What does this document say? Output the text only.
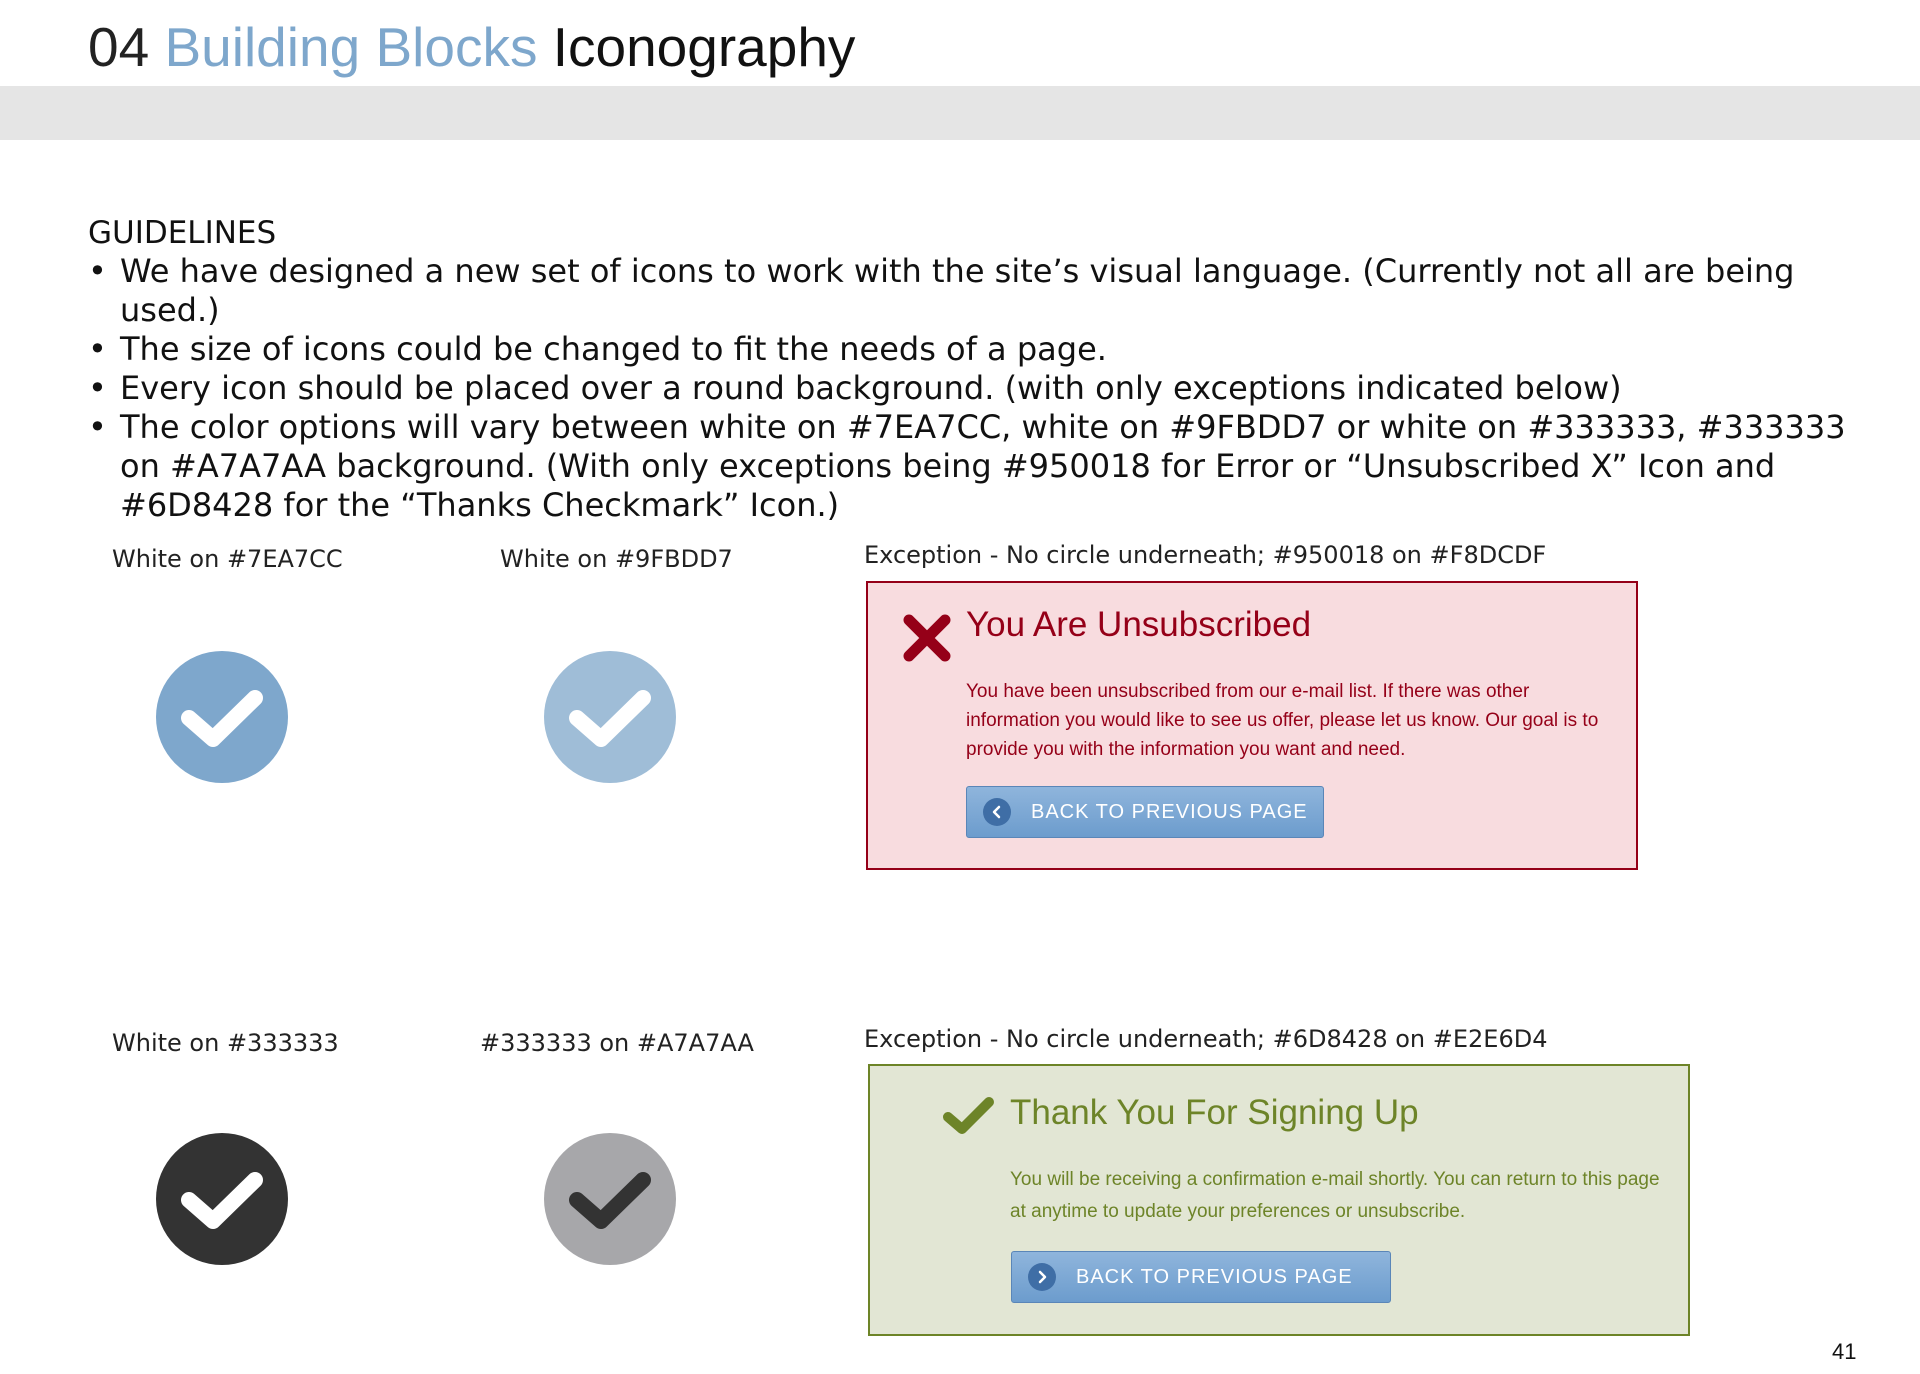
04 Building Blocks Iconography
GUIDELINES
• We have designed a new set of icons to work with the site’s visual language. (Currently not all are being used.)
• The size of icons could be changed to fit the needs of a page.
• Every icon should be placed over a round background. (with only exceptions indicated below)
• The color options will vary between white on #7EA7CC, white on #9FBDD7 or white on #333333, #333333 on #A7A7AA background. (With only exceptions being #950018 for Error or “Unsubscribed X” Icon and #6D8428 for the “Thanks Checkmark” Icon.)
White on #7EA7CC	White on #9FBDD7
White on #333333	#333333 on #A7A7AA
Exception - No circle underneath; #950018 on #F8DCDF
You Are Unsubscribed
You have been unsubscribed from our e-mail list. If there was other information you would like to see us offer, please let us know. Our goal is to provide you with the information you want and need.
BACK TO PREVIOUS PAGE
Exception - No circle underneath; #6D8428 on #E2E6D4
Thank You For Signing Up
You will be receiving a confirmation e-mail shortly. You can return to this page at anytime to update your preferences or unsubscribe.
BACK TO PREVIOUS PAGE
41
